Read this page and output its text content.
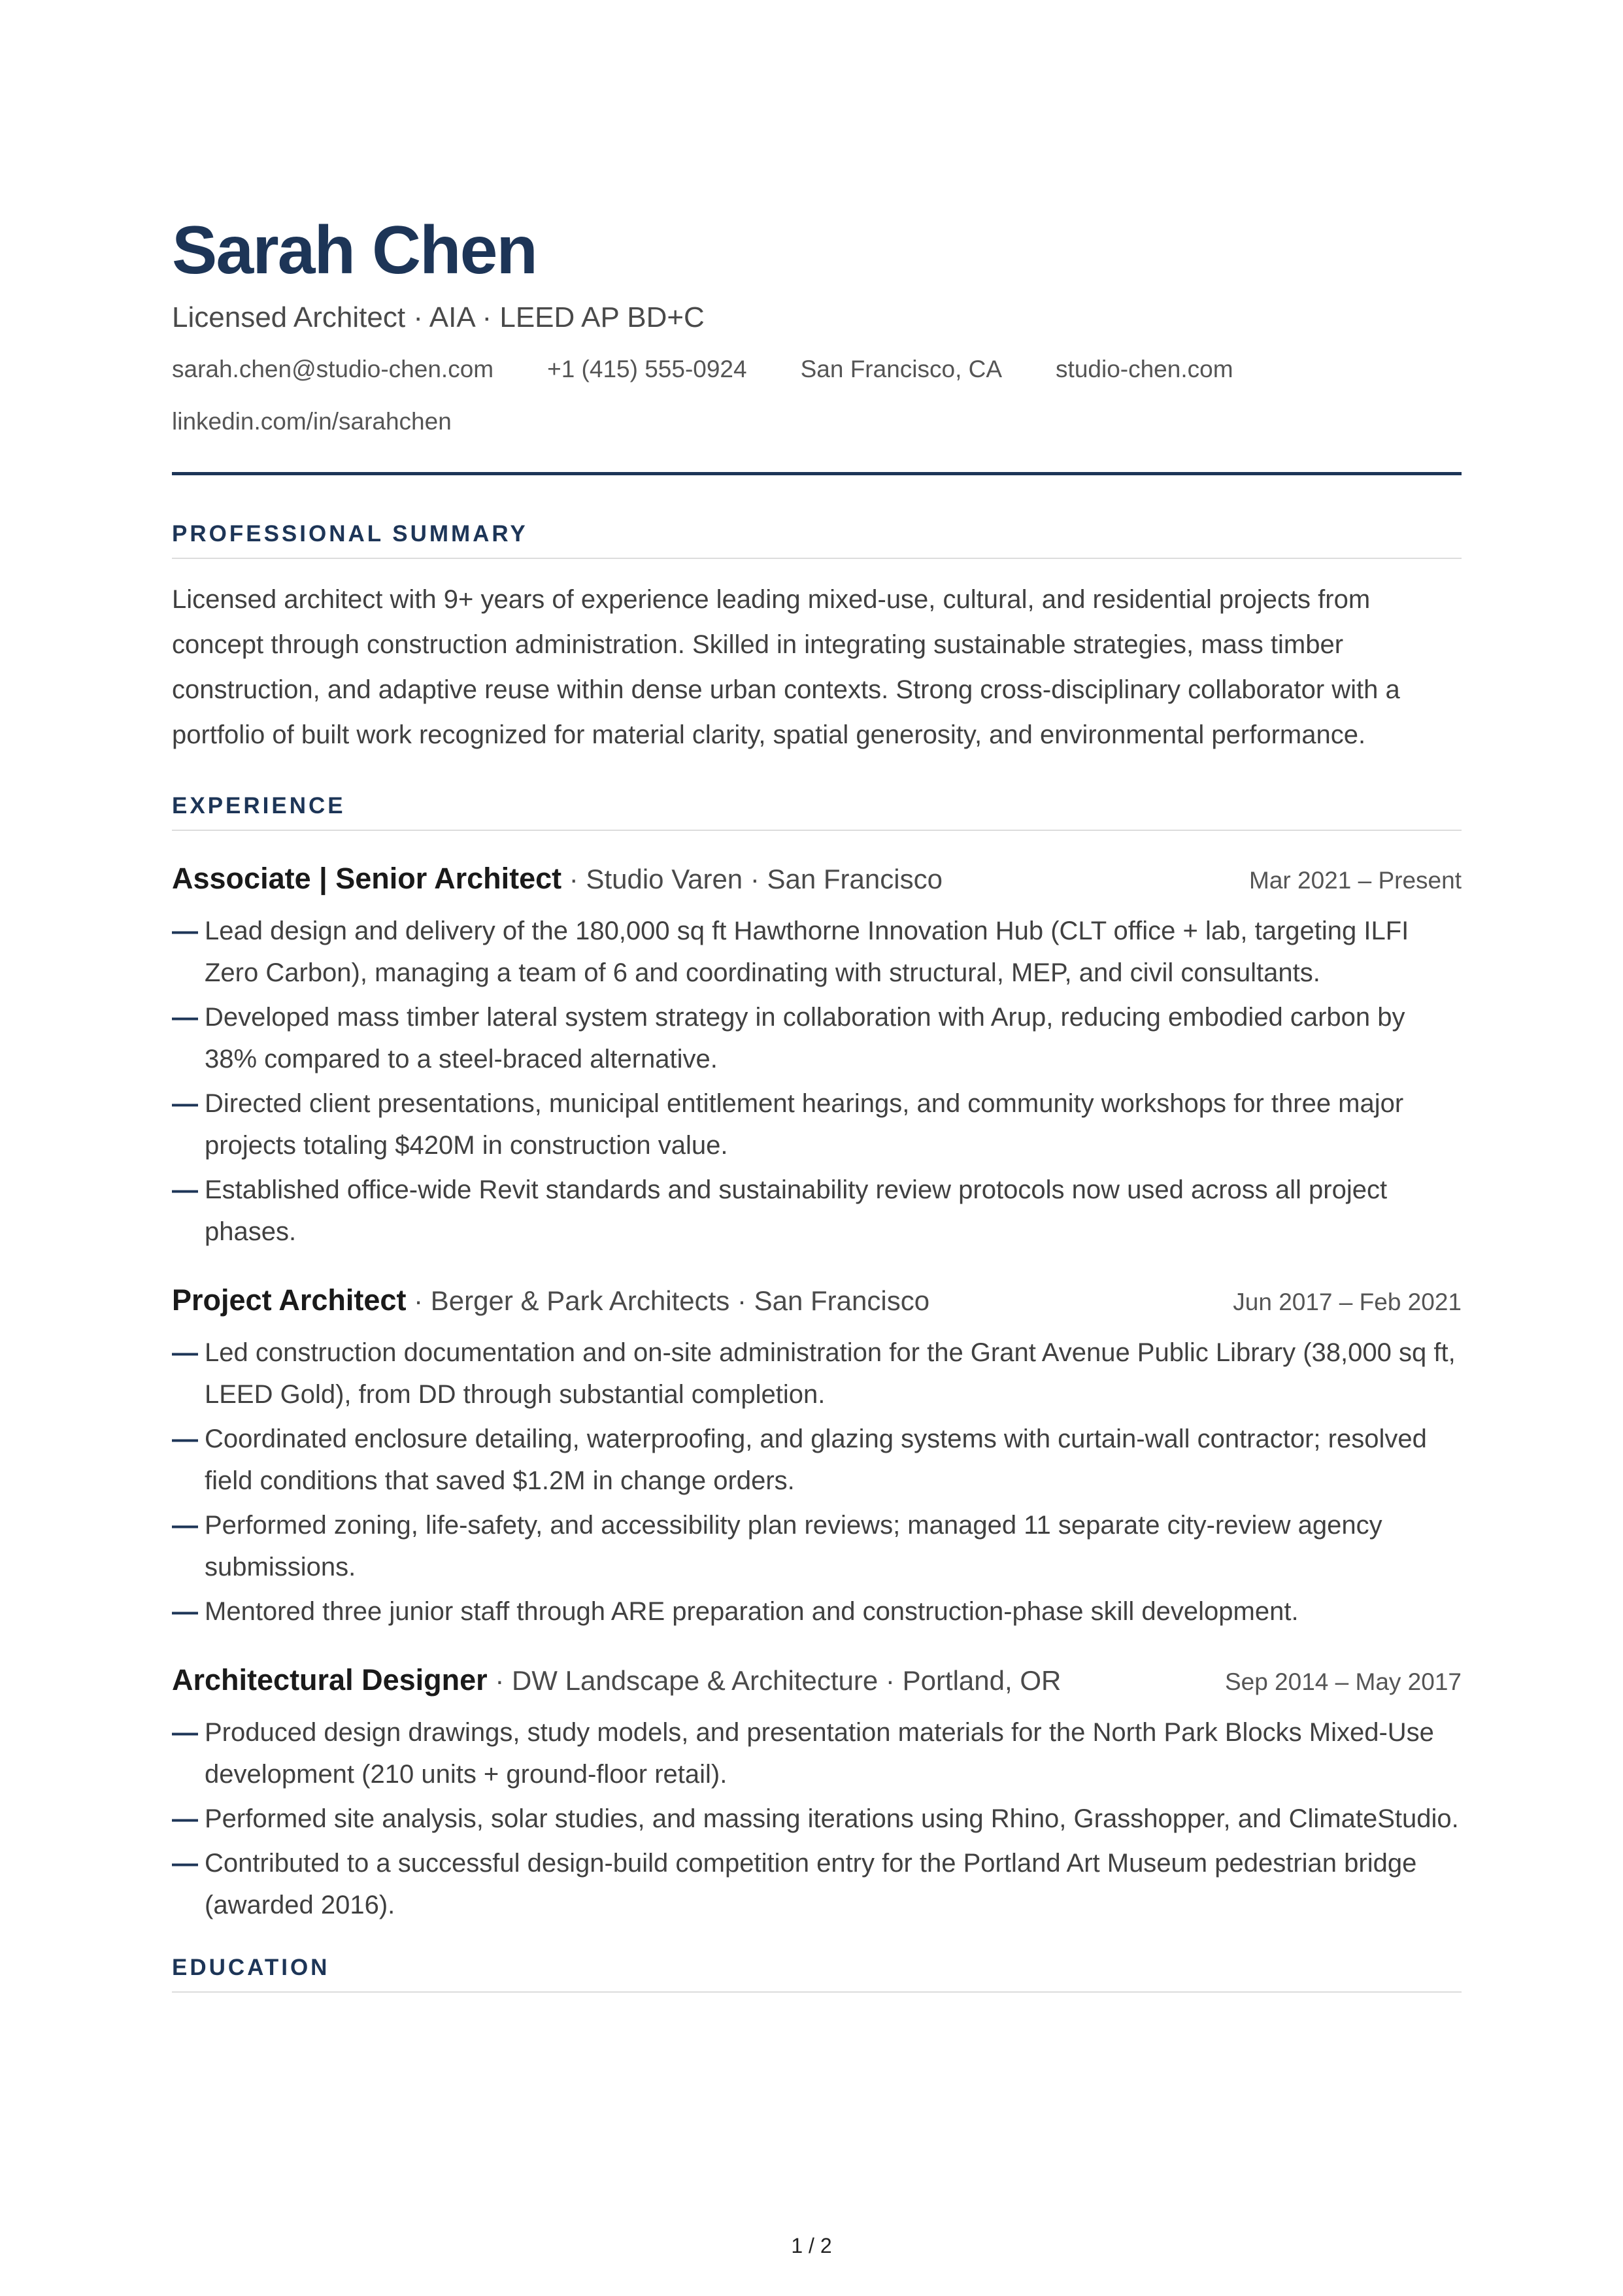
Sarah Chen
Licensed Architect · AIA · LEED AP BD+C
sarah.chen@studio-chen.com +1 (415) 555-0924 San Francisco, CA studio-chen.com
linkedin.com/in/sarahchen
PROFESSIONAL SUMMARY

Licensed architect with 9+ years of experience leading mixed-use, cultural, and residential projects from concept through construction administration. Skilled in integrating sustainable strategies, mass timber construction, and adaptive reuse within dense urban contexts. Strong cross-disciplinary collaborator with a portfolio of built work recognized for material clarity, spatial generosity, and environmental performance.

EXPERIENCE
Associate | Senior Architect · Studio Varen · San Francisco	Mar 2021 – Present
— Lead design and delivery of the 180,000 sq ft Hawthorne Innovation Hub (CLT office + lab, targeting ILFI Zero Carbon), managing a team of 6 and coordinating with structural, MEP, and civil consultants.
— Developed mass timber lateral system strategy in collaboration with Arup, reducing embodied carbon by 38% compared to a steel-braced alternative.
— Directed client presentations, municipal entitlement hearings, and community workshops for three major projects totaling $420M in construction value.
— Established office-wide Revit standards and sustainability review protocols now used across all project phases.
Project Architect · Berger & Park Architects · San Francisco	Jun 2017 – Feb 2021
— Led construction documentation and on-site administration for the Grant Avenue Public Library (38,000 sq ft, LEED Gold), from DD through substantial completion.
— Coordinated enclosure detailing, waterproofing, and glazing systems with curtain-wall contractor; resolved field conditions that saved $1.2M in change orders.
— Performed zoning, life-safety, and accessibility plan reviews; managed 11 separate city-review agency submissions.
— Mentored three junior staff through ARE preparation and construction-phase skill development.
Architectural Designer · DW Landscape & Architecture · Portland, OR	Sep 2014 – May 2017
— Produced design drawings, study models, and presentation materials for the North Park Blocks Mixed-Use development (210 units + ground-floor retail).
— Performed site analysis, solar studies, and massing iterations using Rhino, Grasshopper, and ClimateStudio.
— Contributed to a successful design-build competition entry for the Portland Art Museum pedestrian bridge (awarded 2016).
EDUCATION
1 / 2
